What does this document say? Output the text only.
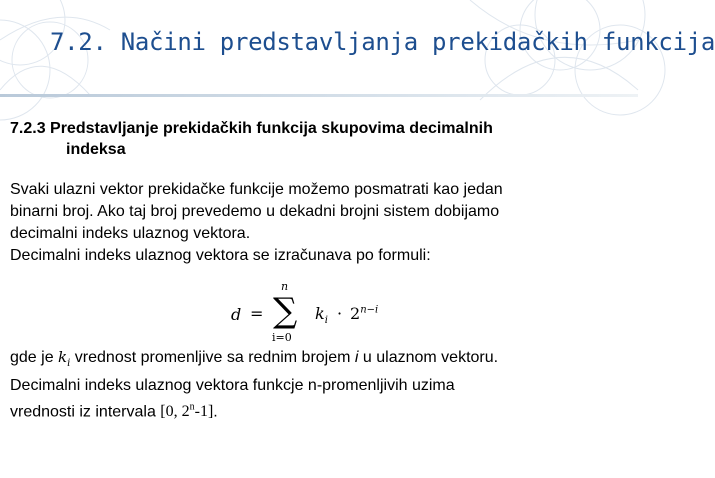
7.2. Načini predstavljanja prekidačkih funkcija
7.2.3 Predstavljanje prekidačkih funkcija skupovima decimalnih
indeksa

Svaki ulazni vektor prekidačke funkcije možemo posmatrati kao jedan
binarni broj. Ako taj broj prevedemo u dekadni brojni sistem dobijamo
decimalni indeks ulaznog vektora.
Decimalni indeks ulaznog vektora se izračunava po formuli:

d =
n
∑
i=0
$k_i \cdot 2^{n-i}$
gde je $k_i$ vrednost promenljive sa rednim brojem i u ulaznom vektoru.
Decimalni indeks ulaznog vektora funkcje n-promenljivih uzima
vrednosti iz intervala [0, 2$^n$-1].
